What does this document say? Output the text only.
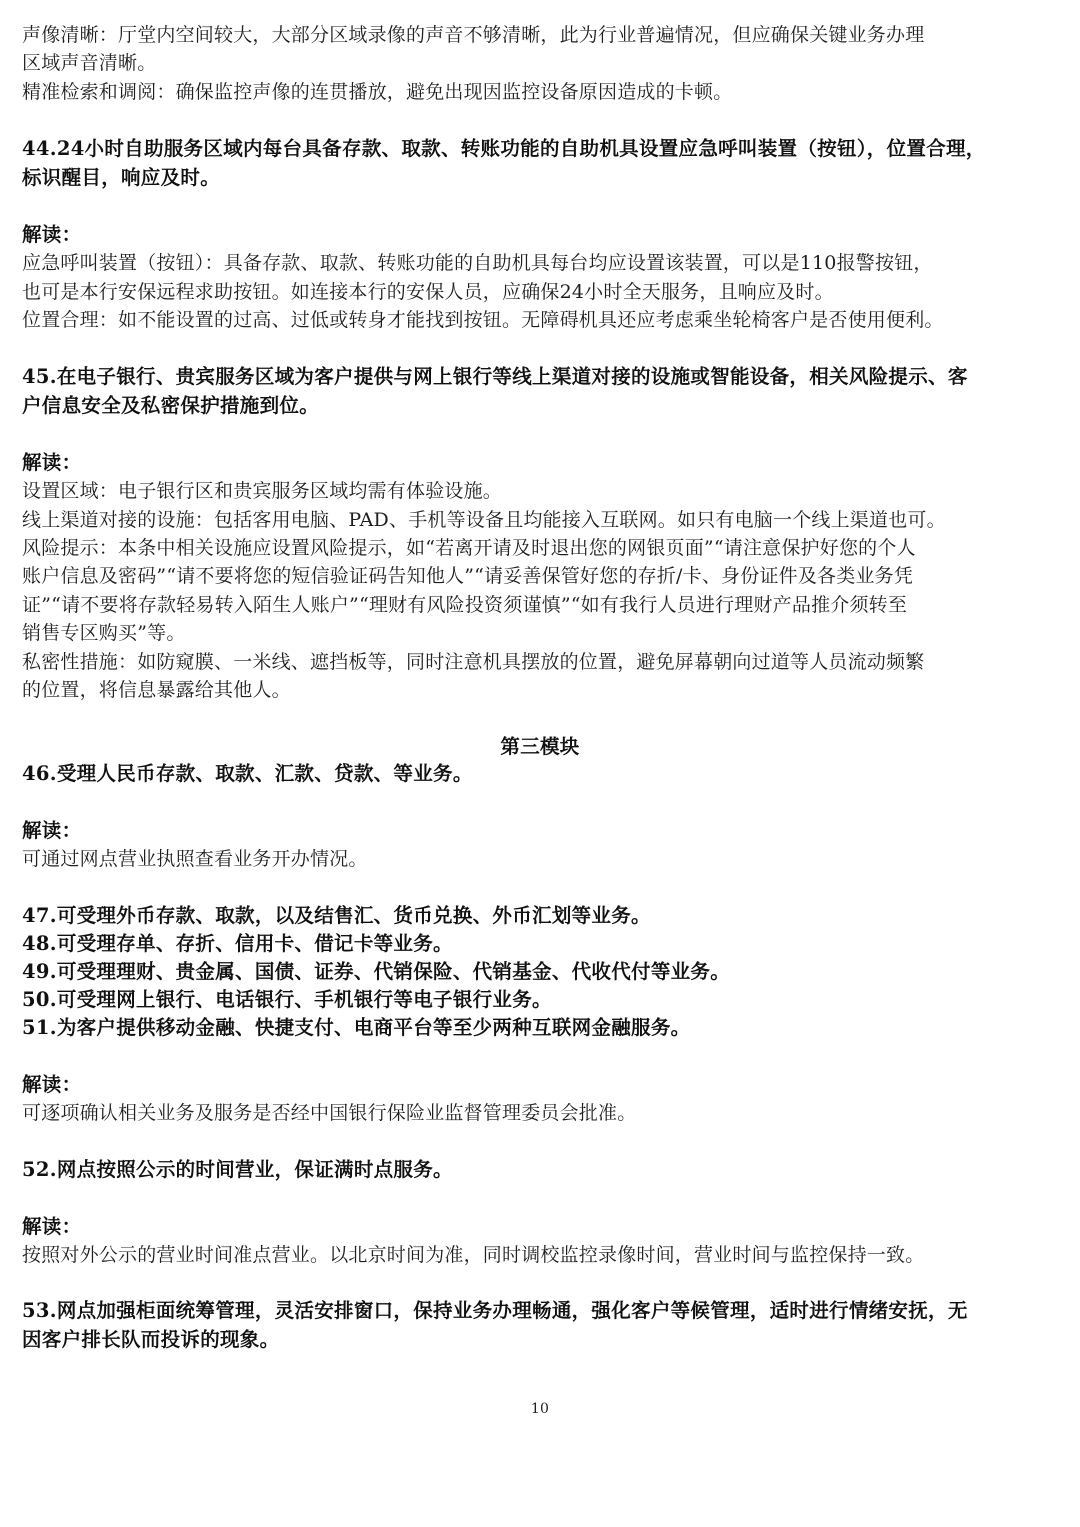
声像清晰：厅堂内空间较大，大部分区域录像的声音不够清晰，此为行业普遍情况，但应确保关键业务办理
区域声音清晰。
精准检索和调阅：确保监控声像的连贯播放，避免出现因监控设备原因造成的卡顿。
44.24小时自助服务区域内每台具备存款、取款、转账功能的自助机具设置应急呼叫装置（按钮），位置合理，
标识醒目，响应及时。
解读：
应急呼叫装置（按钮）：具备存款、取款、转账功能的自助机具每台均应设置该装置，可以是110报警按钮，
也可是本行安保远程求助按钮。如连接本行的安保人员，应确保24小时全天服务，且响应及时。
位置合理：如不能设置的过高、过低或转身才能找到按钮。无障碍机具还应考虑乘坐轮椅客户是否使用便利。
45.在电子银行、贵宾服务区域为客户提供与网上银行等线上渠道对接的设施或智能设备，相关风险提示、客
户信息安全及私密保护措施到位。
解读：
设置区域：电子银行区和贵宾服务区域均需有体验设施。
线上渠道对接的设施：包括客用电脑、PAD、手机等设备且均能接入互联网。如只有电脑一个线上渠道也可。
风险提示：本条中相关设施应设置风险提示，如“若离开请及时退出您的网银页面”“请注意保护好您的个人
账户信息及密码”“请不要将您的短信验证码告知他人”“请妥善保管好您的存折/卡、身份证件及各类业务凭
证”“请不要将存款轻易转入陌生人账户”“理财有风险投资须谨慎”“如有我行人员进行理财产品推介须转至
销售专区购买”等。
私密性措施：如防窥膜、一米线、遮挡板等，同时注意机具摆放的位置，避免屏幕朝向过道等人员流动频繁
的位置，将信息暴露给其他人。
第三模块
46.受理人民币存款、取款、汇款、贷款、等业务。
解读：
可通过网点营业执照查看业务开办情况。
47.可受理外币存款、取款，以及结售汇、货币兑换、外币汇划等业务。
48.可受理存单、存折、信用卡、借记卡等业务。
49.可受理理财、贵金属、国债、证券、代销保险、代销基金、代收代付等业务。
50.可受理网上银行、电话银行、手机银行等电子银行业务。
51.为客户提供移动金融、快捷支付、电商平台等至少两种互联网金融服务。
解读：
可逐项确认相关业务及服务是否经中国银行保险业监督管理委员会批准。
52.网点按照公示的时间营业，保证满时点服务。
解读：
按照对外公示的营业时间准点营业。以北京时间为准，同时调校监控录像时间，营业时间与监控保持一致。
53.网点加强柜面统筹管理，灵活安排窗口，保持业务办理畅通，强化客户等候管理，适时进行情绪安抚，无
因客户排长队而投诉的现象。
10
